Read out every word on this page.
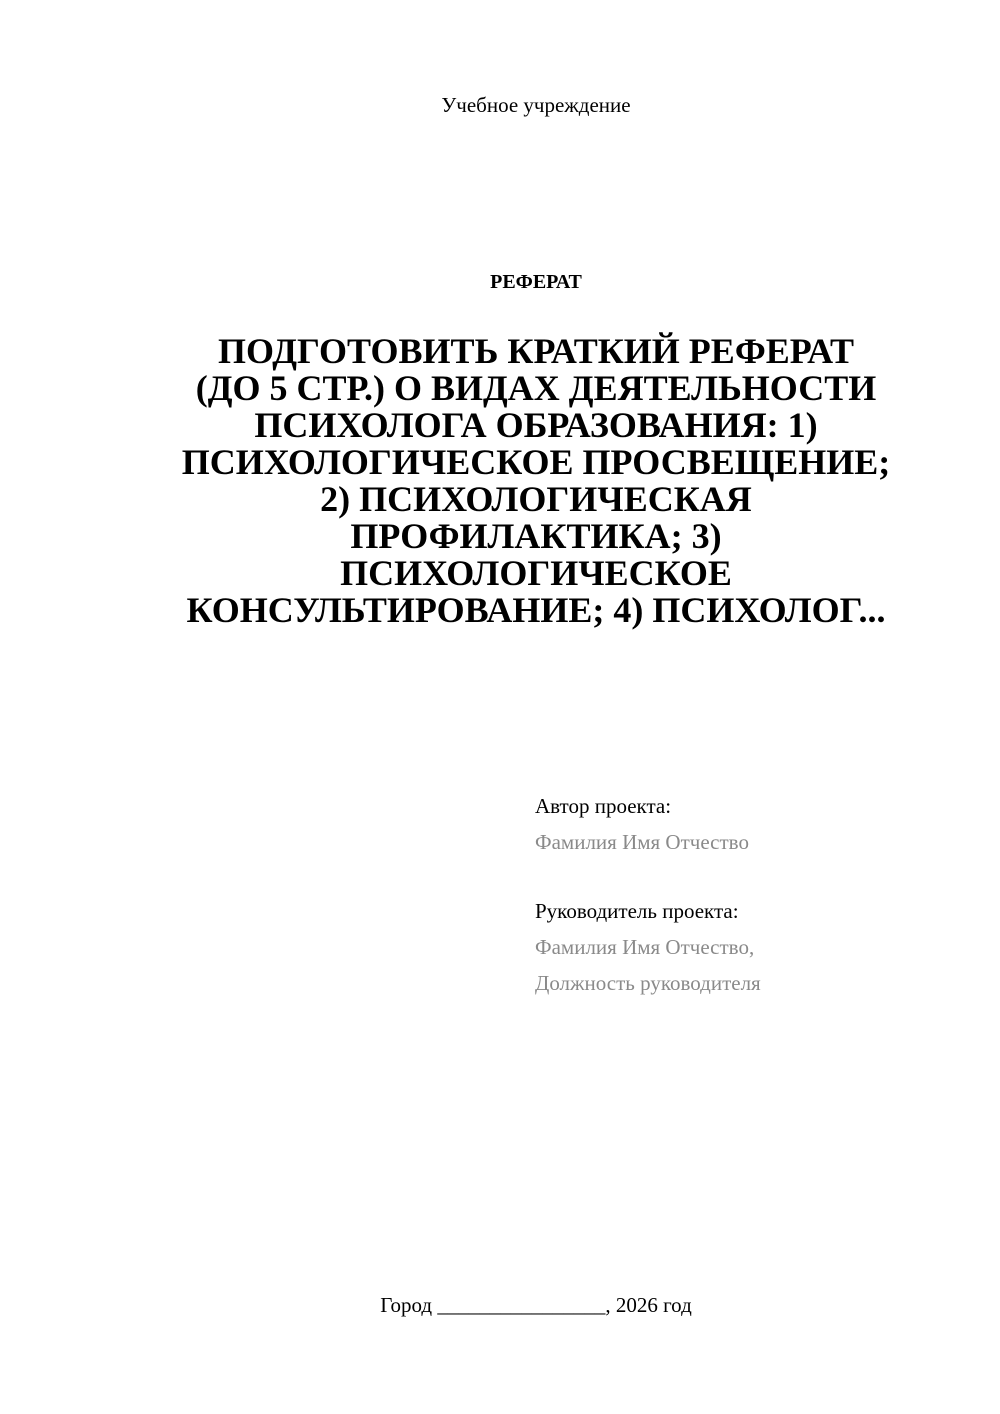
Учебное учреждение
РЕФЕРАТ
ПОДГОТОВИТЬ КРАТКИЙ РЕФЕРАТ
(ДО 5 СТР.) О ВИДАХ ДЕЯТЕЛЬНОСТИ
ПСИХОЛОГА ОБРАЗОВАНИЯ: 1)
ПСИХОЛОГИЧЕСКОЕ ПРОСВЕЩЕНИЕ;
2) ПСИХОЛОГИЧЕСКАЯ
ПРОФИЛАКТИКА; 3)
ПСИХОЛОГИЧЕСКОЕ
КОНСУЛЬТИРОВАНИЕ; 4) ПСИХОЛОГ...
Автор проекта:
Фамилия Имя Отчество
Руководитель проекта:
Фамилия Имя Отчество,
Должность руководителя
Город ________________, 2026 год
